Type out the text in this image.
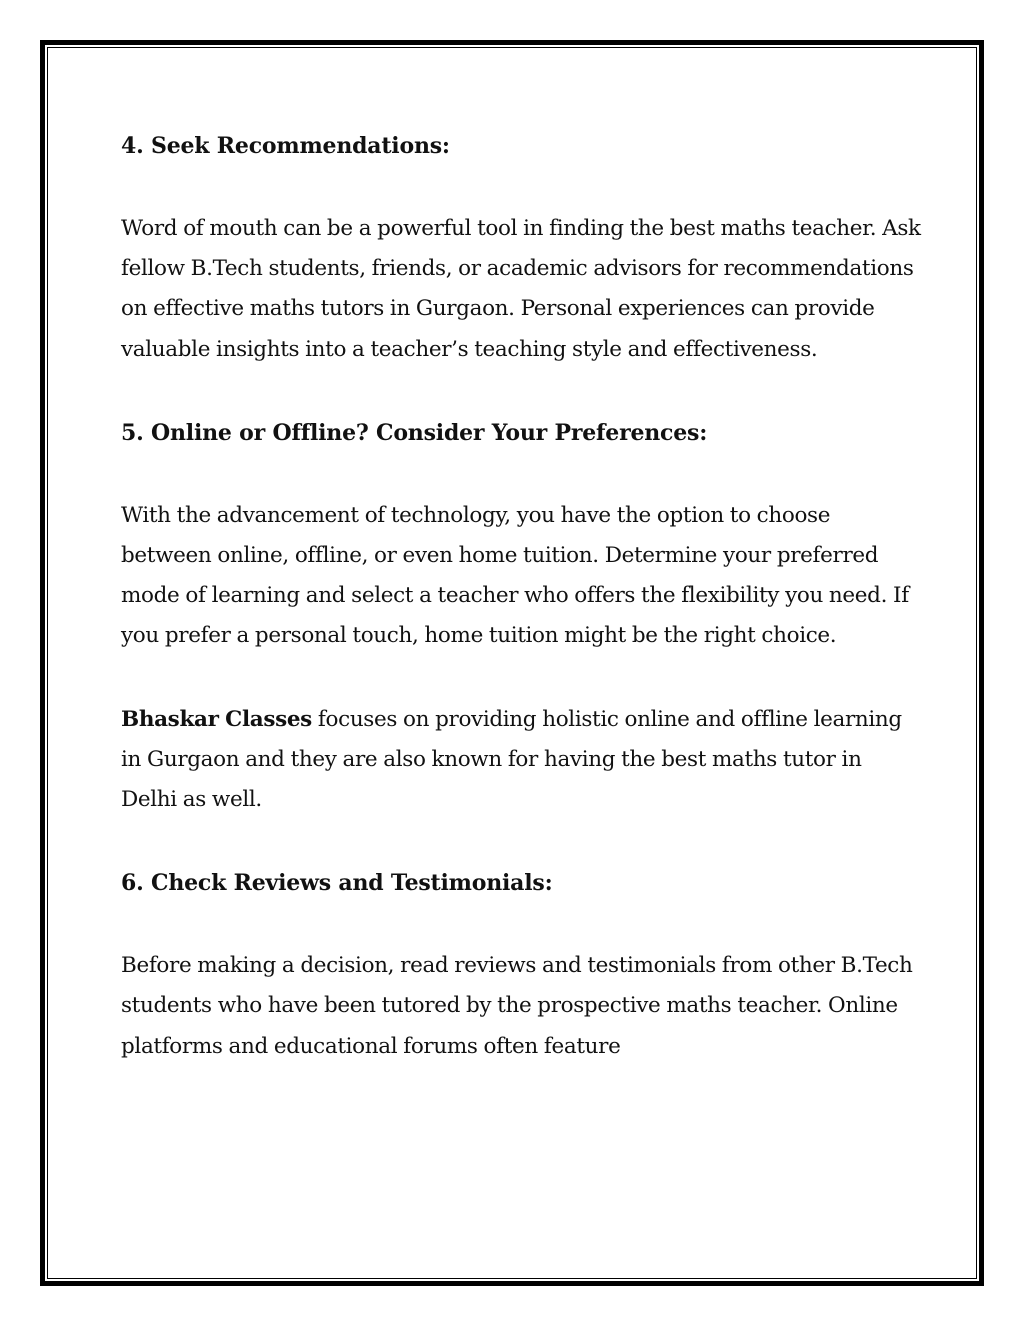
4. Seek Recommendations:

Word of mouth can be a powerful tool in finding the best maths teacher. Ask fellow B.Tech students, friends, or academic advisors for recommendations on effective maths tutors in Gurgaon. Personal experiences can provide valuable insights into a teacher’s teaching style and effectiveness.

5. Online or Offline? Consider Your Preferences:

With the advancement of technology, you have the option to choose between online, offline, or even home tuition. Determine your preferred mode of learning and select a teacher who offers the flexibility you need. If you prefer a personal touch, home tuition might be the right choice.

Bhaskar Classes focuses on providing holistic online and offline learning in Gurgaon and they are also known for having the best maths tutor in Delhi as well.

6. Check Reviews and Testimonials:

Before making a decision, read reviews and testimonials from other B.Tech students who have been tutored by the prospective maths teacher. Online platforms and educational forums often feature
